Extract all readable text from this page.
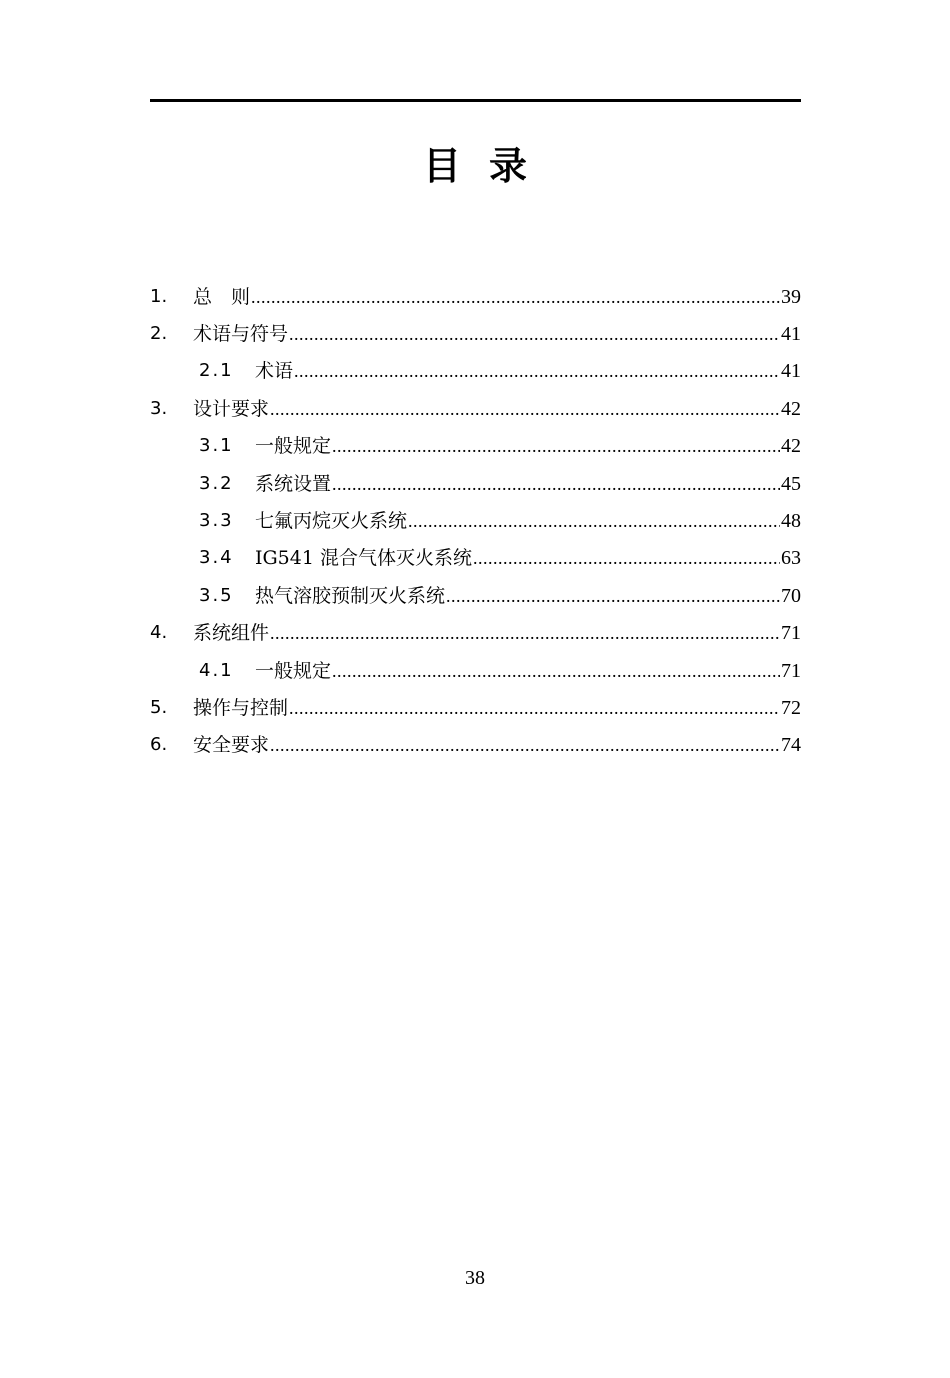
目录
1.	总　则 .....	39
2.	术语与符号 .....	41
2.1	术语 .....	41
3.	设计要求 .....	42
3.1	一般规定 .....	42
3.2	系统设置 .....	45
3.3	七氟丙烷灭火系统 .....	48
3.4	IG541 混合气体灭火系统 .....	63
3.5	热气溶胶预制灭火系统 .....	70
4.	系统组件 .....	71
4.1	一般规定 .....	71
5.	操作与控制 .....	72
6.	安全要求 .....	74
38
